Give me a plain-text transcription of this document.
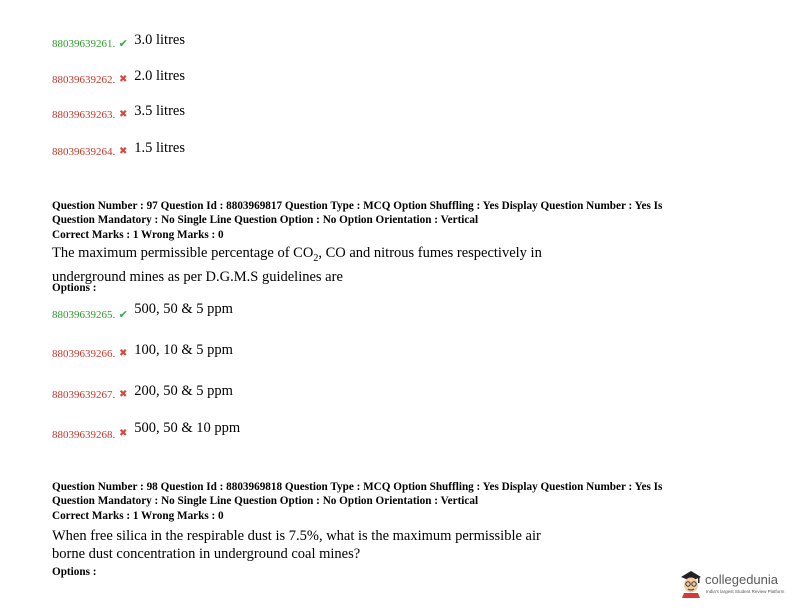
88039639261. ✔ 3.0 litres
88039639262. ✖ 2.0 litres
88039639263. ✖ 3.5 litres
88039639264. ✖ 1.5 litres
Question Number : 97 Question Id : 8803969817 Question Type : MCQ Option Shuffling : Yes Display Question Number : Yes Is
Question Mandatory : No Single Line Question Option : No Option Orientation : Vertical
Correct Marks : 1 Wrong Marks : 0
The maximum permissible percentage of $CO_2$, CO and nitrous fumes respectively in
underground mines as per D.G.M.S guidelines are
Options :
88039639265. ✔ 500, 50 & 5 ppm
88039639266. ✖ 100, 10 & 5 ppm
88039639267. ✖ 200, 50 & 5 ppm
88039639268. ✖ 500, 50 & 10 ppm
Question Number : 98 Question Id : 8803969818 Question Type : MCQ Option Shuffling : Yes Display Question Number : Yes Is
Question Mandatory : No Single Line Question Option : No Option Orientation : Vertical
Correct Marks : 1 Wrong Marks : 0
When free silica in the respirable dust is 7.5%, what is the maximum permissible air
borne dust concentration in underground coal mines?
Options :	collegedunia
India's largest Student Review Platform
